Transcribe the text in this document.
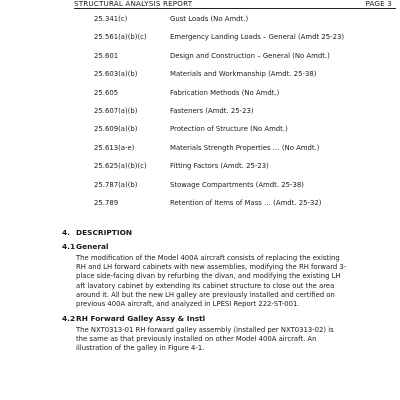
STRUCTURAL ANALYSIS REPORT	PAGE 3
25.341(c)	Gust Loads (No Amdt.)
25.561(a)(b)(c)	Emergency Landing Loads – General (Amdt 25-23)
25.601	Design and Construction – General (No Amdt.)
25.603(a)(b)	Materials and Workmanship (Amdt. 25-38)
25.605	Fabrication Methods (No Amdt.)
25.607(a)(b)	Fasteners (Amdt. 25-23)
25.609(a)(b)	Protection of Structure (No Amdt.)
25.613(a-e)	Materials Strength Properties … (No Amdt.)
25.625(a)(b)(c)	Fitting Factors (Amdt. 25-23)
25.787(a)(b)	Stowage Compartments (Amdt. 25-38)
25.789	Retention of Items of Mass … (Amdt. 25-32)
4. DESCRIPTION
4.1General
The modification of the Model 400A aircraft consists of replacing the existing
RH and LH forward cabinets with new assemblies, modifying the RH forward 3-
place side-facing divan by refurbing the divan, and modifying the existing LH
aft lavatory cabinet by extending its cabinet structure to close out the area
around it. All but the new LH galley are previously installed and certified on
previous 400A aircraft, and analyzed in LPESI Report 222-ST-001.
4.2RH Forward Galley Assy & Instl
The NXT0313-01 RH forward galley assembly (installed per NXT0313-02) is
the same as that previously installed on other Model 400A aircraft. An
illustration of the galley in Figure 4-1.
